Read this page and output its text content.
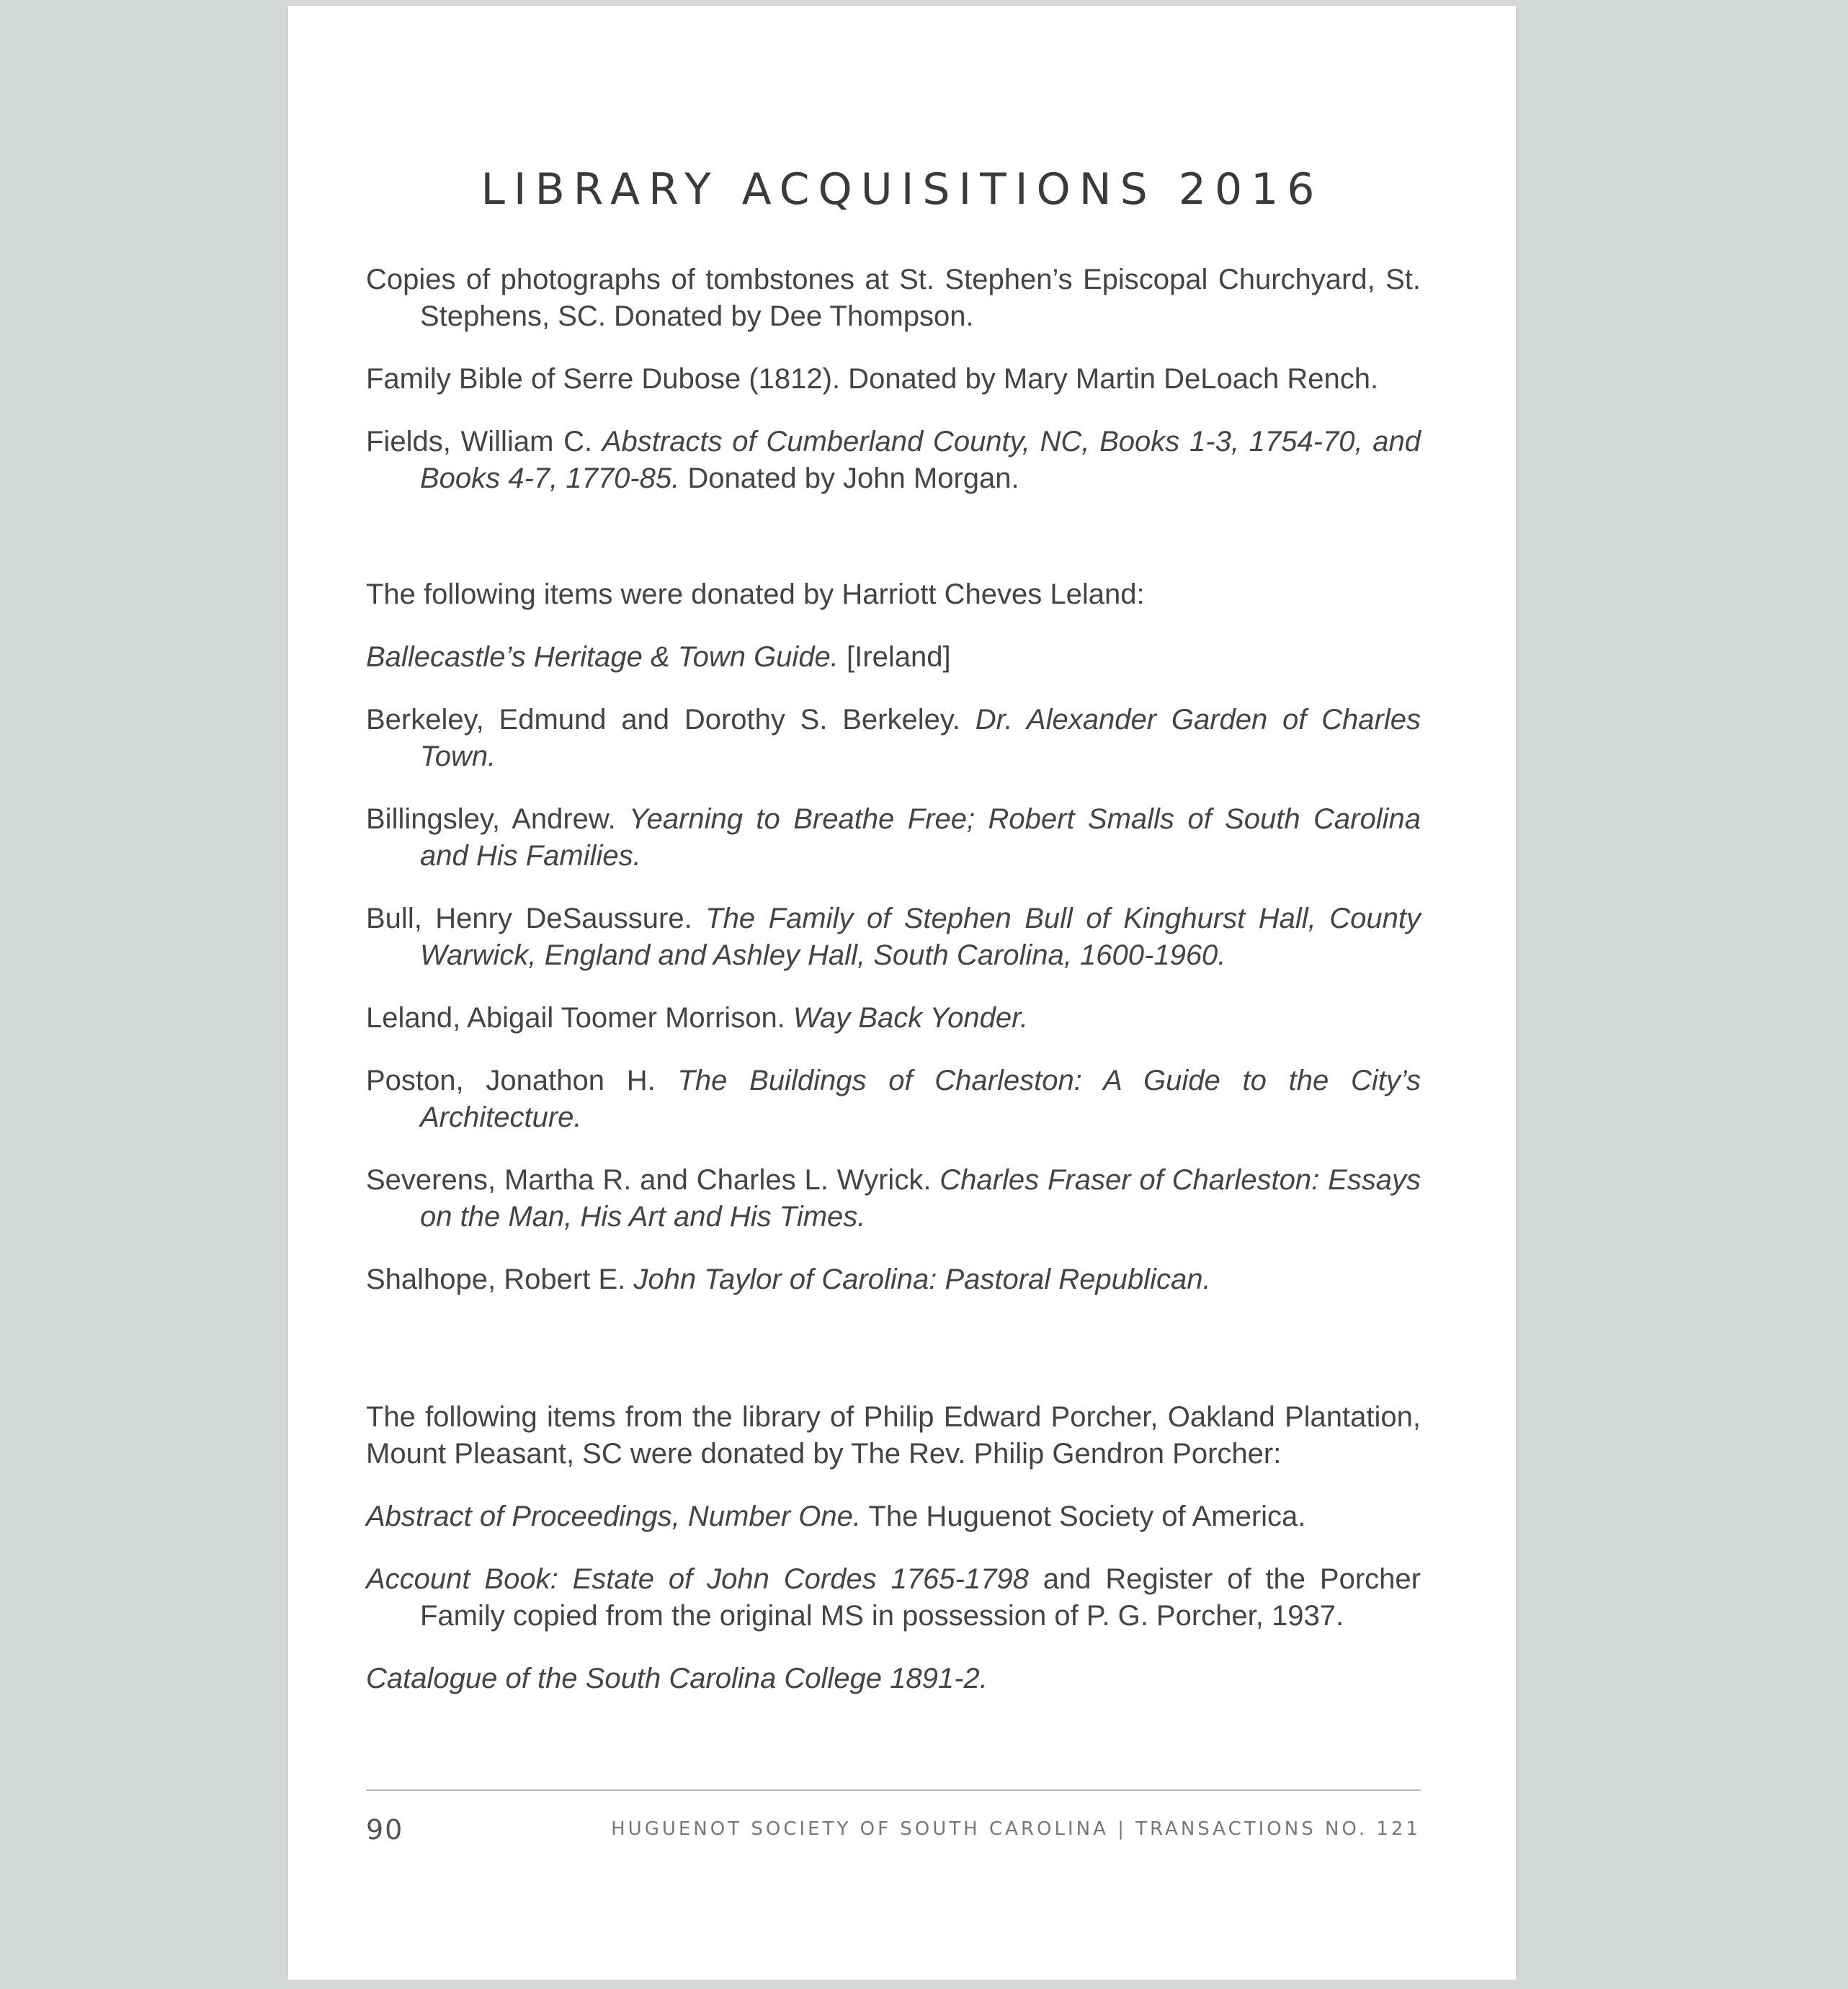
LIBRARY ACQUISITIONS 2016

Copies of photographs of tombstones at St. Stephen’s Episcopal Churchyard, St. Stephens, SC. Donated by Dee Thompson.

Family Bible of Serre Dubose (1812). Donated by Mary Martin DeLoach Rench.

Fields, William C. Abstracts of Cumberland County, NC, Books 1-3, 1754-70, and Books 4-7, 1770-85. Donated by John Morgan.

The following items were donated by Harriott Cheves Leland:

Ballecastle’s Heritage & Town Guide. [Ireland]

Berkeley, Edmund and Dorothy S. Berkeley. Dr. Alexander Garden of Charles Town.

Billingsley, Andrew. Yearning to Breathe Free; Robert Smalls of South Carolina and His Families.

Bull, Henry DeSaussure. The Family of Stephen Bull of Kinghurst Hall, County Warwick, England and Ashley Hall, South Carolina, 1600-1960.

Leland, Abigail Toomer Morrison. Way Back Yonder.

Poston, Jonathon H. The Buildings of Charleston: A Guide to the City’s Architecture.

Severens, Martha R. and Charles L. Wyrick. Charles Fraser of Charleston: Essays on the Man, His Art and His Times.

Shalhope, Robert E. John Taylor of Carolina: Pastoral Republican.

The following items from the library of Philip Edward Porcher, Oakland Plantation, Mount Pleasant, SC were donated by The Rev. Philip Gendron Porcher:

Abstract of Proceedings, Number One. The Huguenot Society of America.

Account Book: Estate of John Cordes 1765-1798 and Register of the Porcher Family copied from the original MS in possession of P. G. Porcher, 1937.

Catalogue of the South Carolina College 1891-2.

90	HUGUENOT SOCIETY OF SOUTH CAROLINA | TRANSACTIONS NO. 121
